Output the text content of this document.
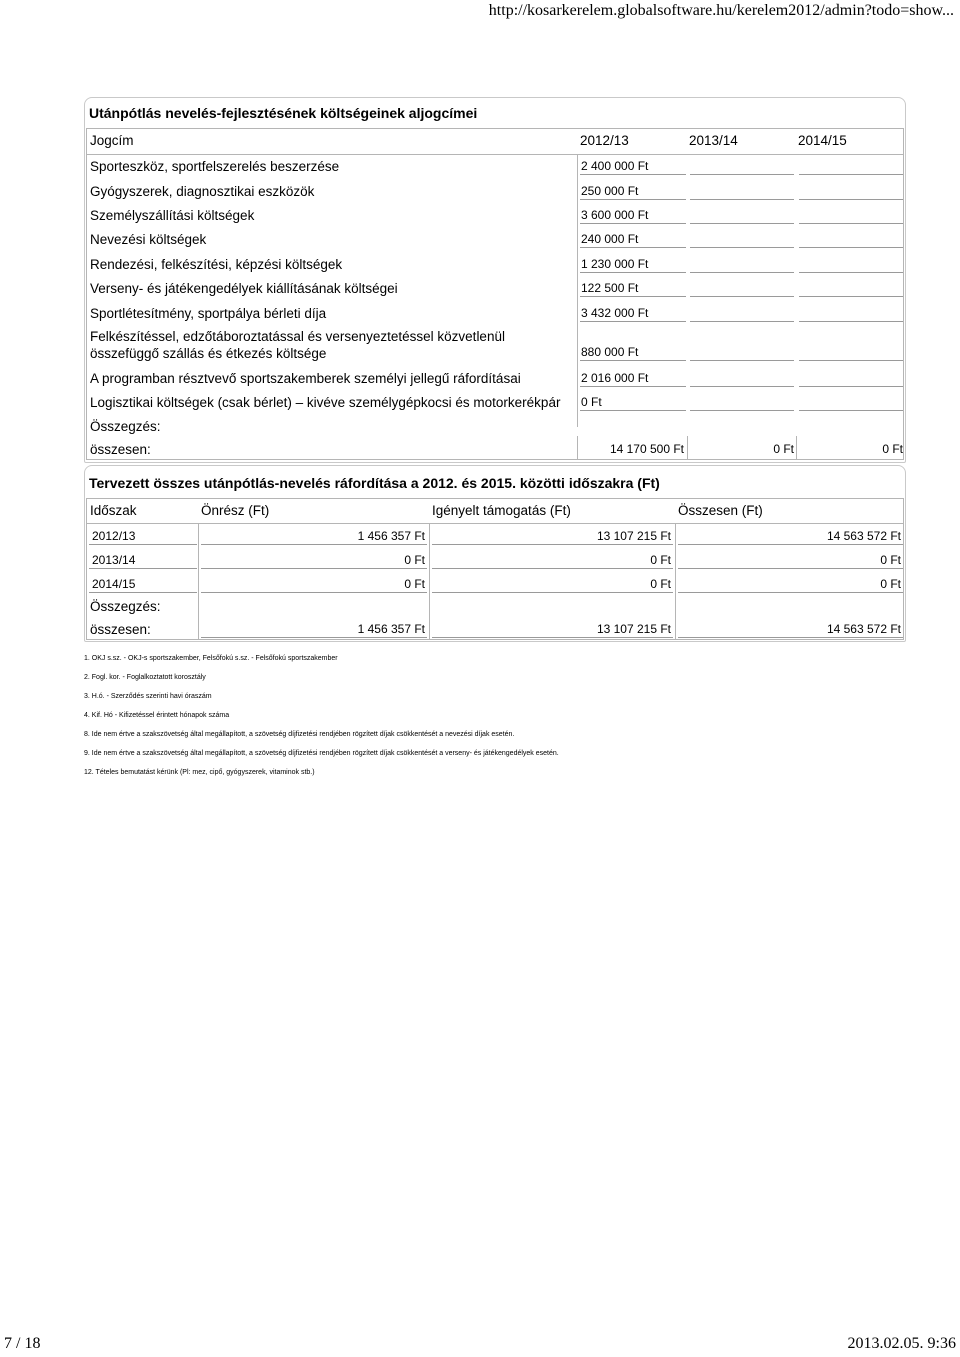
http://kosarkerelem.globalsoftware.hu/kerelem2012/admin?todo=show...
Utánpótlás nevelés-fejlesztésének költségeinek aljogcímei
Jogcím	2012/13	2013/14	2014/15
Sporteszköz, sportfelszerelés beszerzése	2 400 000 Ft
Gyógyszerek, diagnosztikai eszközök	250 000 Ft
Személyszállítási költségek	3 600 000 Ft
Nevezési költségek	240 000 Ft
Rendezési, felkészítési, képzési költségek	1 230 000 Ft
Verseny- és játékengedélyek kiállításának költségei	122 500 Ft
Sportlétesítmény, sportpálya bérleti díja	3 432 000 Ft
Felkészítéssel, edzőtáboroztatással és versenyeztetéssel közvetlenül
összefüggő szállás és étkezés költsége	880 000 Ft
A programban résztvevő sportszakemberek személyi jellegű ráfordításai	2 016 000 Ft
Logisztikai költségek (csak bérlet) – kivéve személygépkocsi és motorkerékpár 0 Ft
Összegzés:
összesen:	14 170 500 Ft	0 Ft	0 Ft
Tervezett összes utánpótlás-nevelés ráfordítása a 2012. és 2015. közötti időszakra (Ft)
Időszak	Önrész (Ft)	Igényelt támogatás (Ft)	Összesen (Ft)
2012/13	1 456 357 Ft	13 107 215 Ft	14 563 572 Ft
2013/14	0 Ft	0 Ft	0 Ft
2014/15	0 Ft	0 Ft	0 Ft
Összegzés:
összesen:	1 456 357 Ft	13 107 215 Ft	14 563 572 Ft
1. OKJ s.sz. - OKJ-s sportszakember, Felsőfokú s.sz. - Felsőfokú sportszakember
2. Fogl. kor. - Foglalkoztatott korosztály
3. H.ó. - Szerződés szerinti havi óraszám
4. Kif. Hó - Kifizetéssel érintett hónapok száma
8. Ide nem értve a szakszövetség által megállapított, a szövetség díjfizetési rendjében rögzített díjak csökkentését a nevezési díjak esetén.
9. Ide nem értve a szakszövetség által megállapított, a szövetség díjfizetési rendjében rögzített díjak csökkentését a verseny- és játékengedélyek esetén.
12. Tételes bemutatást kérünk (Pl: mez, cipő, gyógyszerek, vitaminok stb.)
7 / 18	2013.02.05. 9:36
